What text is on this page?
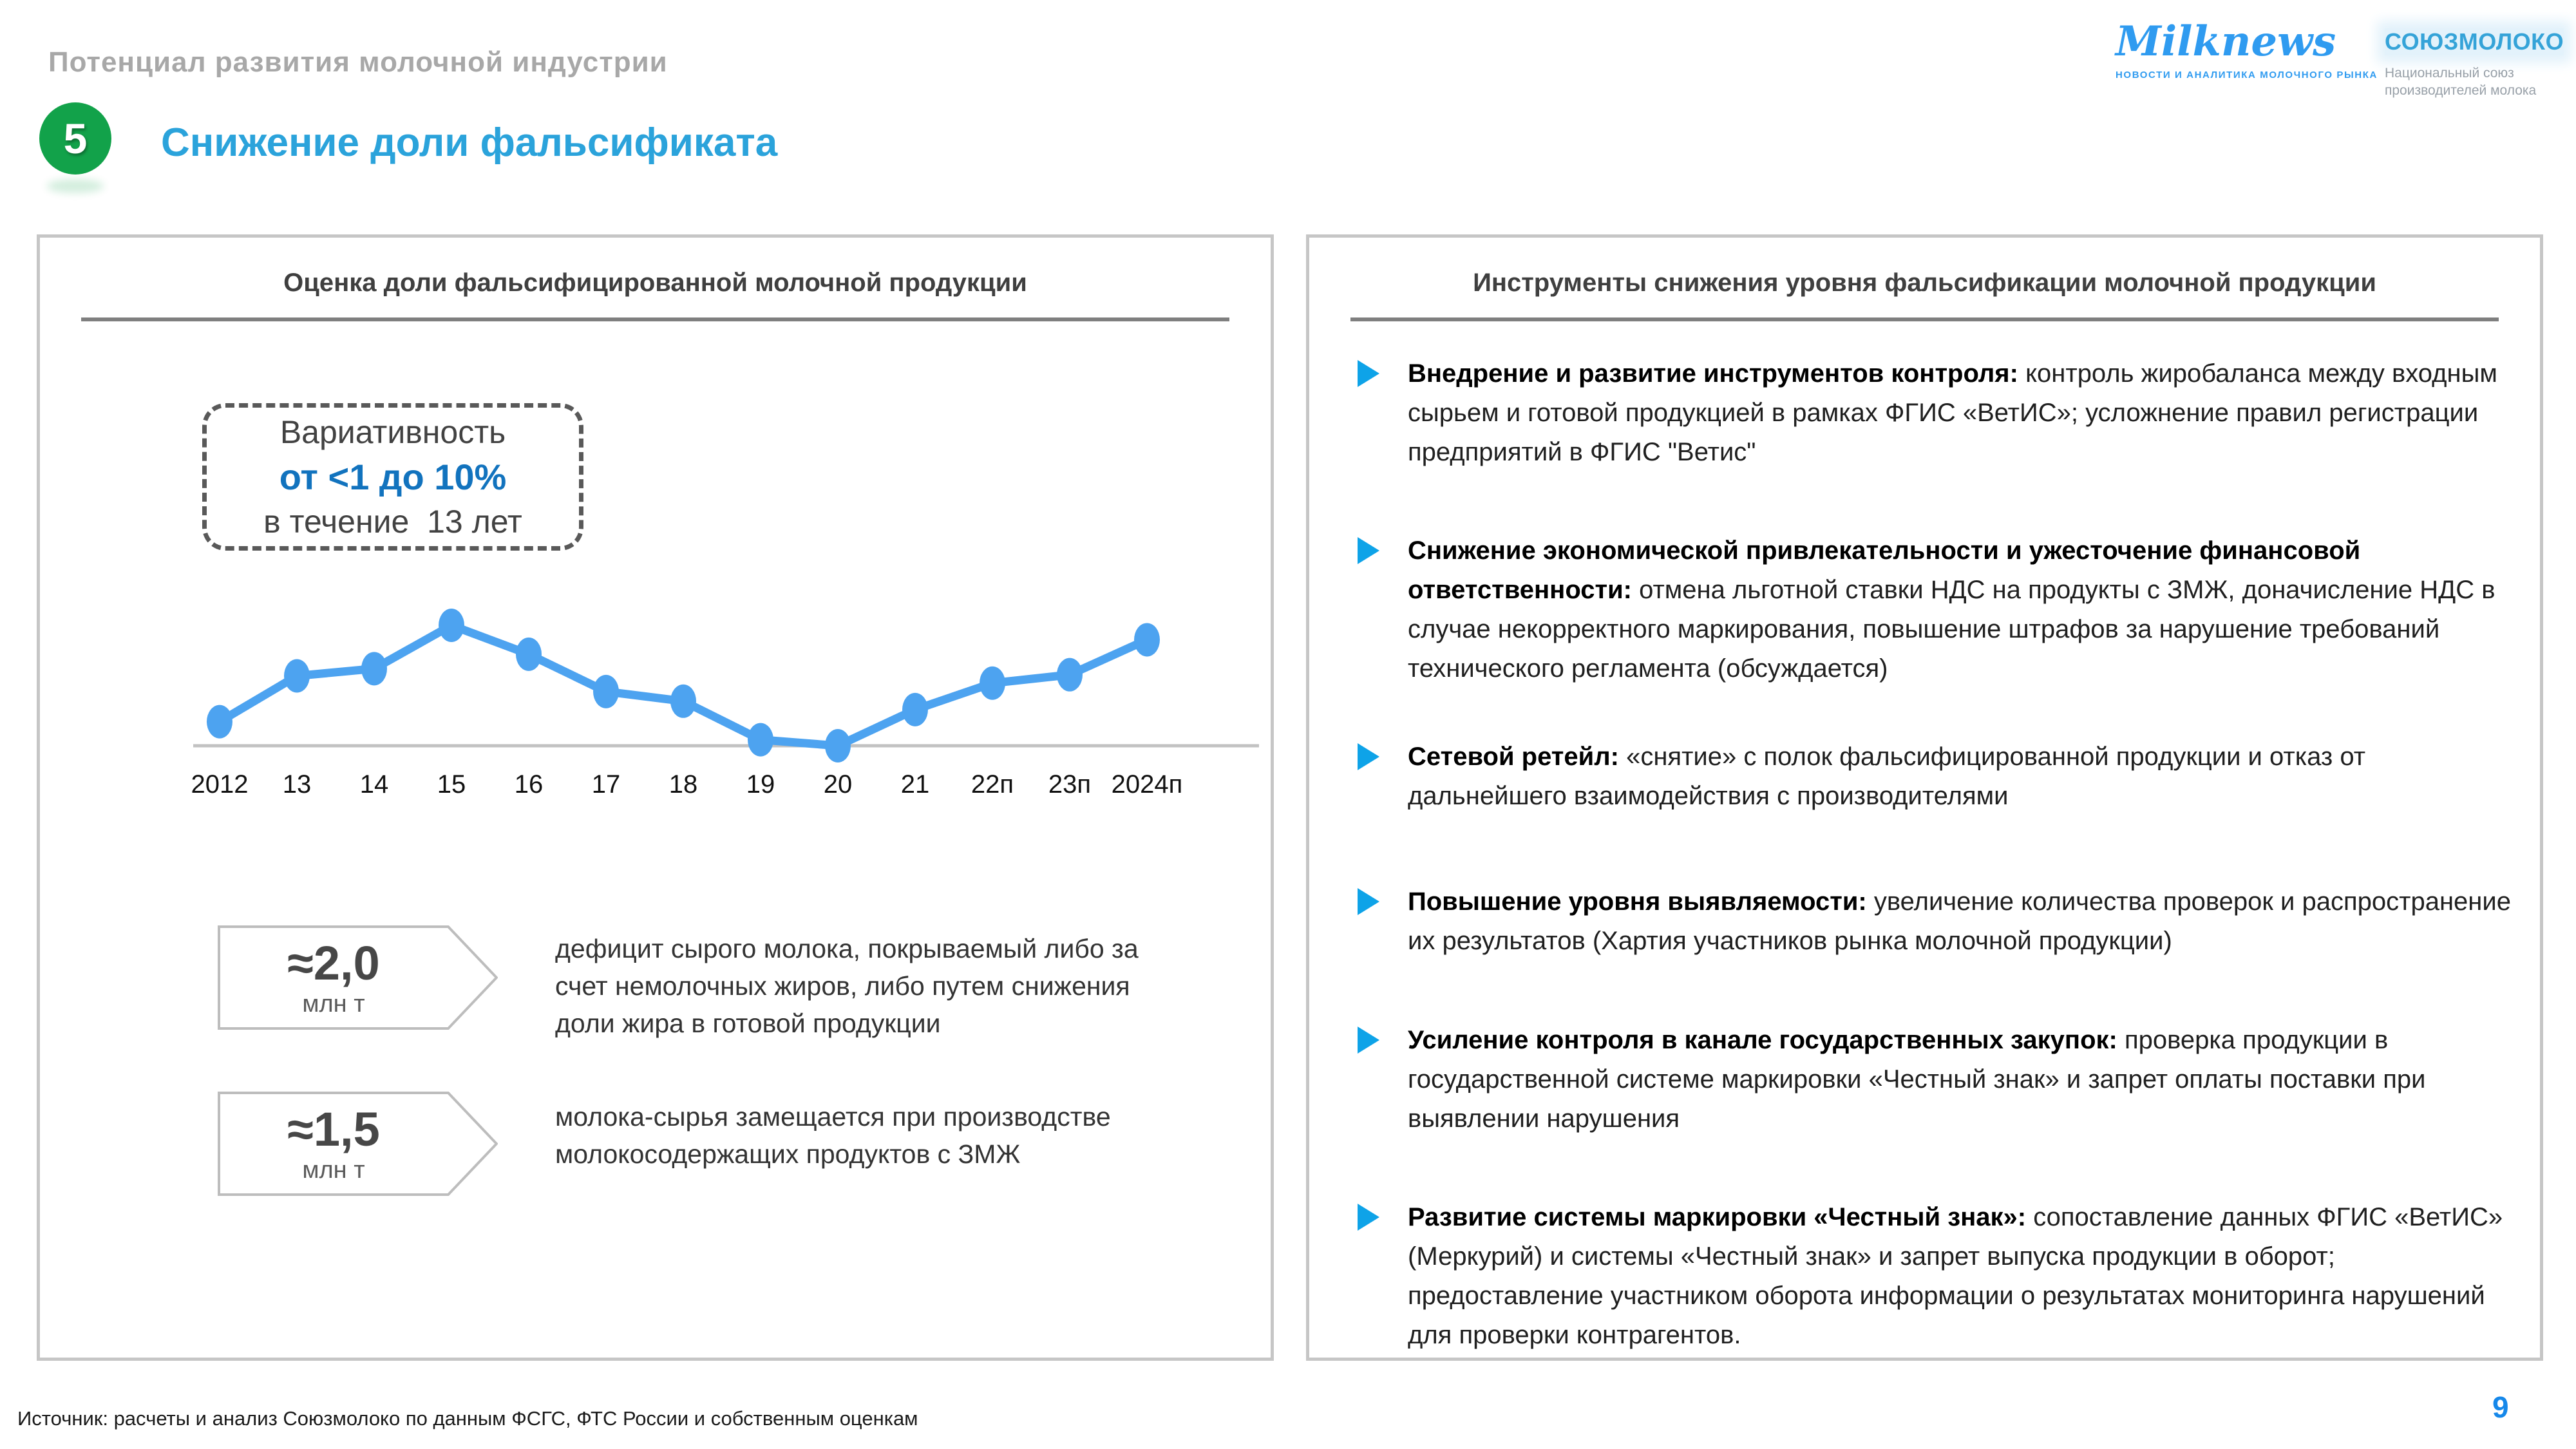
Потенциал развития молочной индустрии
5	Снижение доли фальсификата
Milknews
НОВОСТИ И АНАЛИТИКА МОЛОЧНОГО РЫНКА
СОЮЗМОЛОКО
Национальный союз
производителей молока
Оценка доли фальсифицированной молочной продукции
Вариативность
от <1 до 10%
в течение  13 лет
2012 13 14 15 16 17 18 19 20 21 22п 23п 2024п
≈2,0
млн т
дефицит сырого молока, покрываемый либо за счет немолочных жиров, либо путем снижения доли жира в готовой продукции
≈1,5
млн т
молока-сырья замещается при производстве молокосодержащих продуктов с ЗМЖ
Инструменты снижения уровня фальсификации молочной продукции
Внедрение и развитие инструментов контроля: контроль жиробаланса между входным сырьем и готовой продукцией в рамках ФГИС «ВетИС»; усложнение правил регистрации предприятий в ФГИС "Ветис"
Снижение экономической привлекательности и ужесточение финансовой ответственности: отмена льготной ставки НДС на продукты с ЗМЖ, доначисление НДС в случае некорректного маркирования, повышение штрафов за нарушение требований технического регламента (обсуждается)
Сетевой ретейл: «снятие» с полок фальсифицированной продукции и отказ от дальнейшего взаимодействия с производителями
Повышение уровня выявляемости: увеличение количества проверок и распространение их результатов (Хартия участников рынка молочной продукции)
Усиление контроля в канале государственных закупок: проверка продукции в государственной системе маркировки «Честный знак» и запрет оплаты поставки при выявлении нарушения
Развитие системы маркировки «Честный знак»: сопоставление данных ФГИС «ВетИС» (Меркурий) и системы «Честный знак» и запрет выпуска продукции в оборот; предоставление участником оборота информации о результатах мониторинга нарушений для проверки контрагентов.
Источник: расчеты и анализ Союзмолоко по данным ФСГС, ФТС России и собственным оценкам	9
